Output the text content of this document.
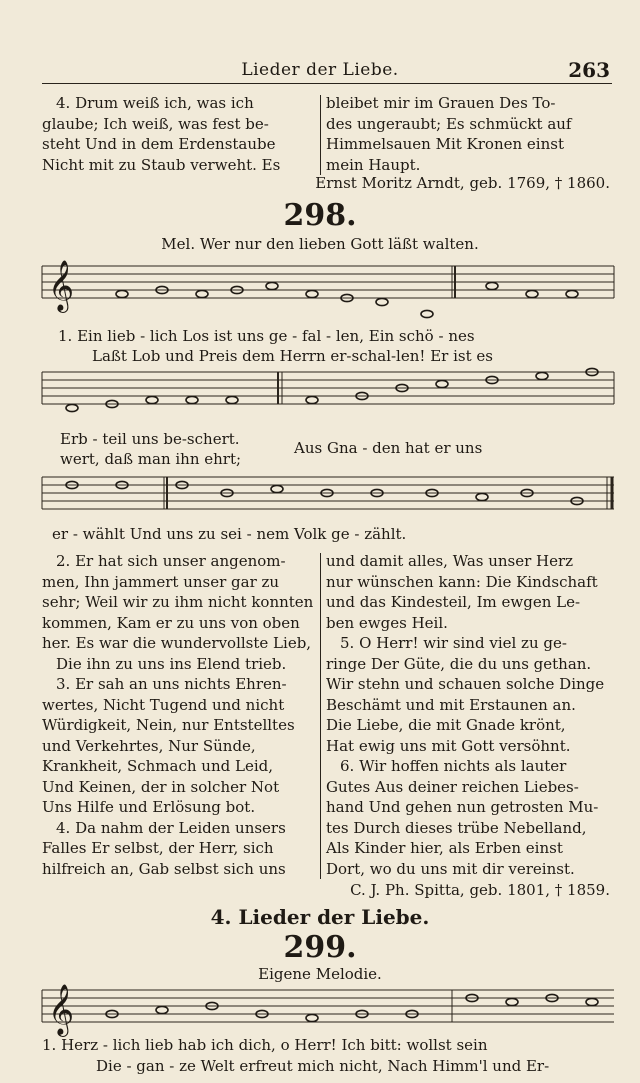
Lieder der Liebe.	263
4. Drum weiß ich, was ich
glaube; Ich weiß, was fest be-
steht Und in dem Erdenstaube
Nicht mit zu Staub verweht. Es
bleibet mir im Grauen Des To-
des ungeraubt; Es schmückt auf
Himmelsauen Mit Kronen einst
mein Haupt.
Ernst Moritz Arndt, geb. 1769, † 1860.
298.
Mel. Wer nur den lieben Gott läßt walten.
𝄞
1. Ein lieb - lich Los ist uns ge - fal - len, Ein schö - nes
Laßt Lob und Preis dem Herrn er-schal-len! Er ist es
Erb - teil uns be-schert.	Aus Gna - den hat er uns
wert, daß man ihn ehrt;
er - wählt Und uns zu sei - nem Volk ge - zählt.
2. Er hat sich unser angenom-
men, Ihn jammert unser gar zu
sehr; Weil wir zu ihm nicht konnten
kommen, Kam er zu uns von oben
her. Es war die wundervollste Lieb,
Die ihn zu uns ins Elend trieb.
3. Er sah an uns nichts Ehren-
wertes, Nicht Tugend und nicht
Würdigkeit, Nein, nur Entstelltes
und Verkehrtes, Nur Sünde,
Krankheit, Schmach und Leid,
Und Keinen, der in solcher Not
Uns Hilfe und Erlösung bot.
4. Da nahm der Leiden unsers
Falles Er selbst, der Herr, sich
hilfreich an, Gab selbst sich uns
und damit alles, Was unser Herz
nur wünschen kann: Die Kindschaft
und das Kindesteil, Im ewgen Le-
ben ewges Heil.
5. O Herr! wir sind viel zu ge-
ringe Der Güte, die du uns gethan.
Wir stehn und schauen solche Dinge
Beschämt und mit Erstaunen an.
Die Liebe, die mit Gnade krönt,
Hat ewig uns mit Gott versöhnt.
6. Wir hoffen nichts als lauter
Gutes Aus deiner reichen Liebes-
hand Und gehen nun getrosten Mu-
tes Durch dieses trübe Nebelland,
Als Kinder hier, als Erben einst
Dort, wo du uns mit dir vereinst.
C. J. Ph. Spitta, geb. 1801, † 1859.
4. Lieder der Liebe.
299.
Eigene Melodie.
𝄞
1. Herz - lich lieb hab ich dich, o Herr! Ich bitt: wollst sein
Die - gan - ze Welt erfreut mich nicht, Nach Himm'l und Er-
